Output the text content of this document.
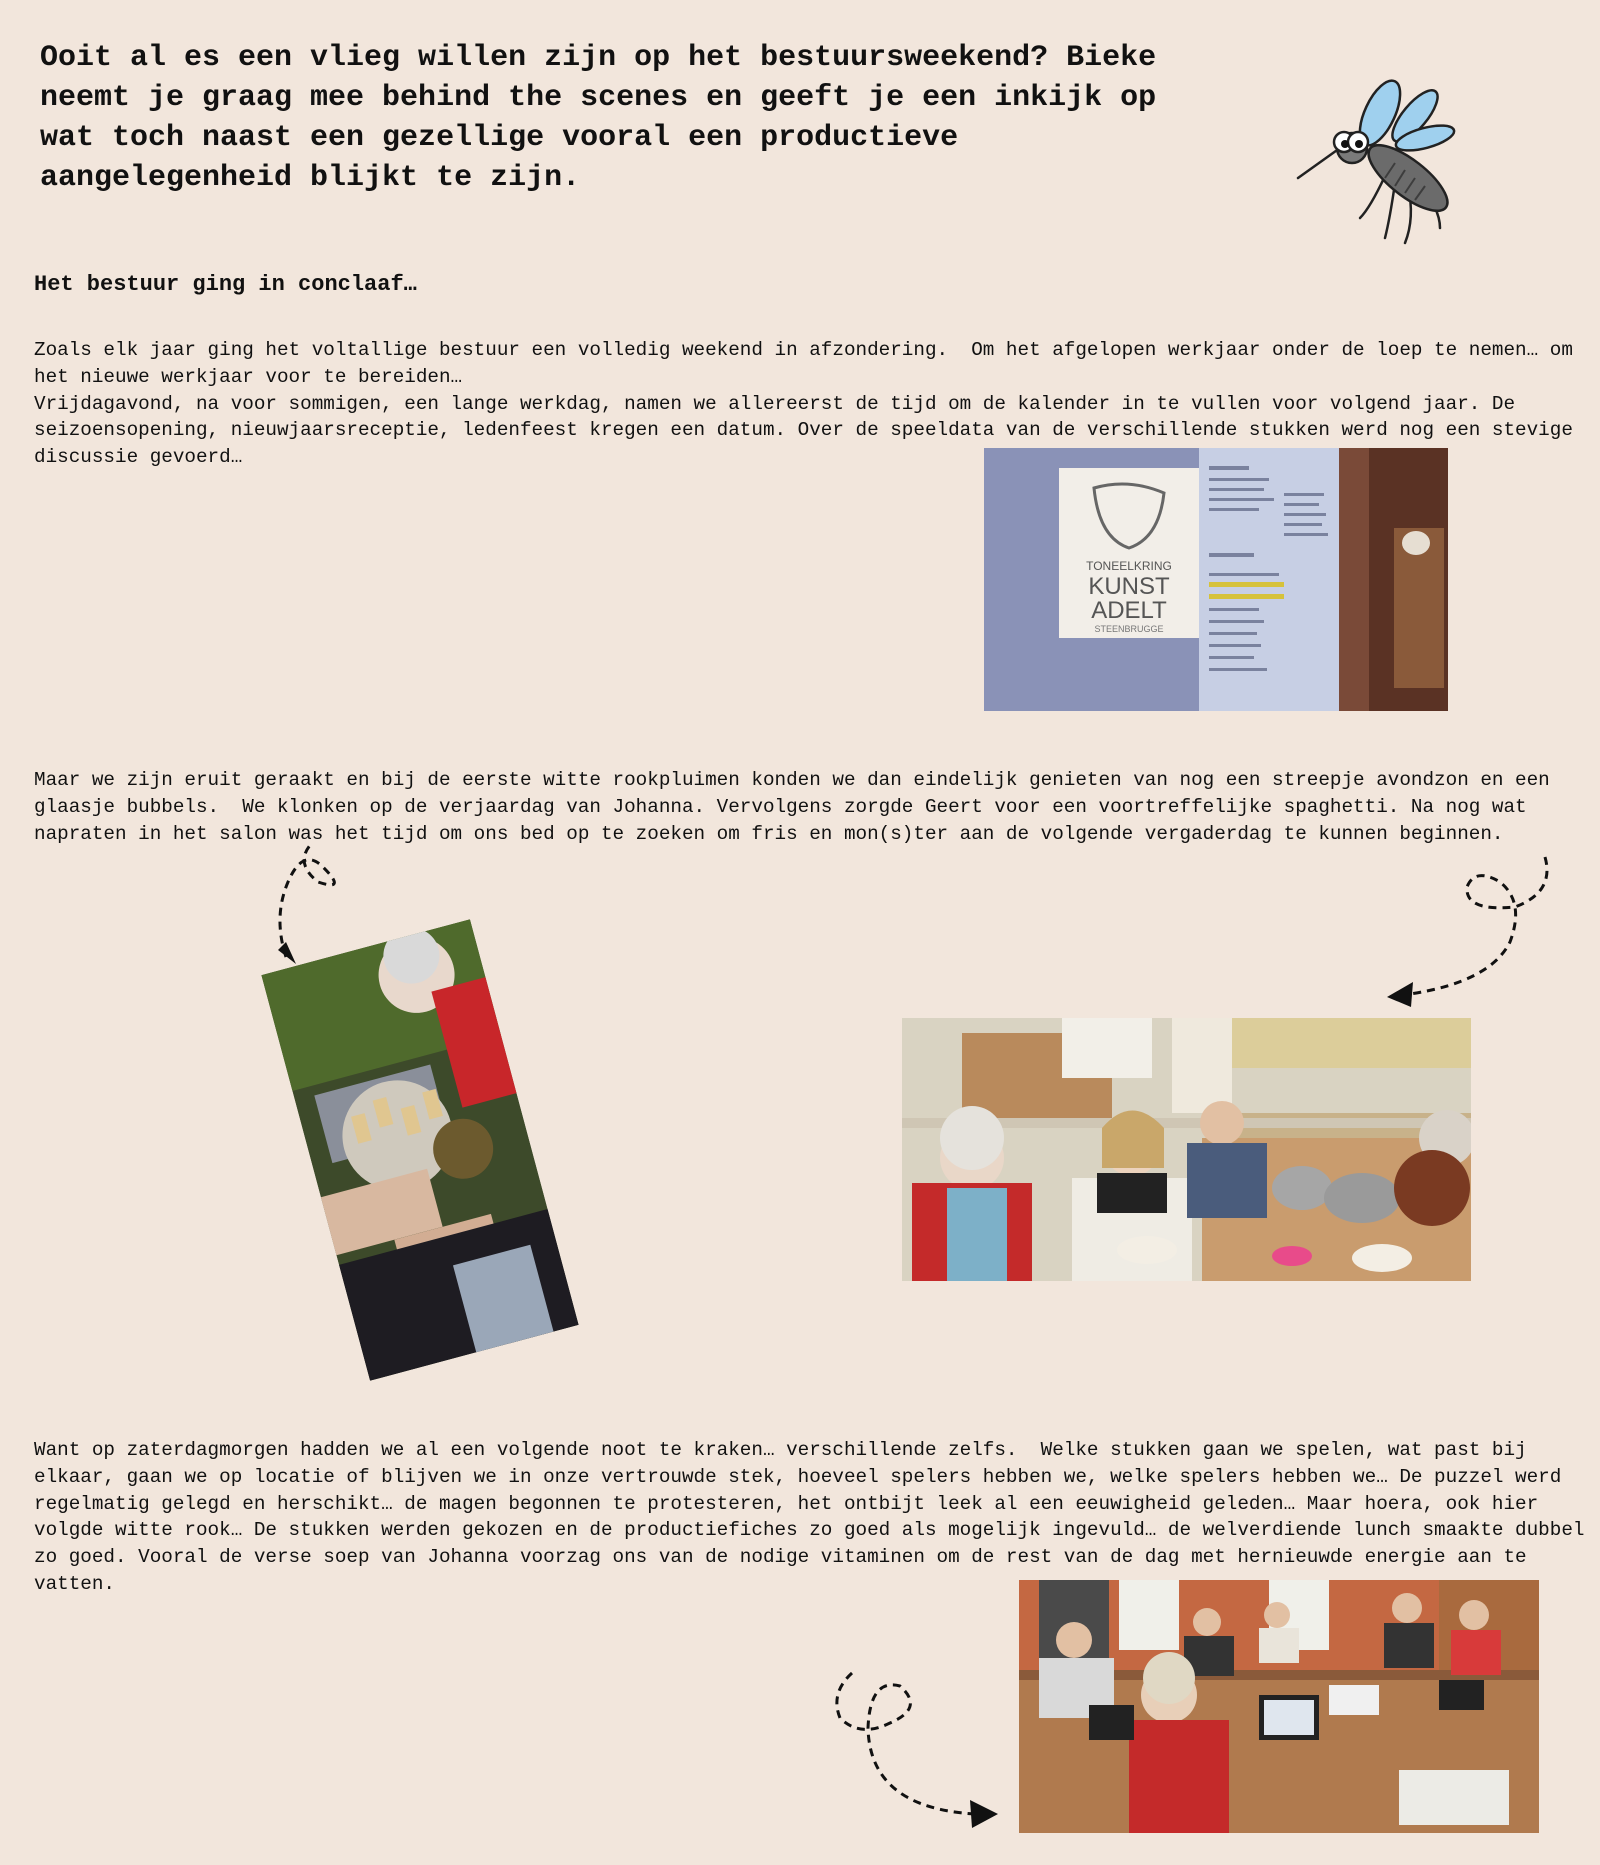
Ooit al es een vlieg willen zijn op het bestuursweekend? Bieke neemt je graag mee behind the scenes en geeft je een inkijk op wat toch naast een gezellige vooral een productieve aangelegenheid blijkt te zijn.

Het bestuur ging in conclaaf…

Zoals elk jaar ging het voltallige bestuur een volledig weekend in afzondering.  Om het afgelopen werkjaar onder de loep te nemen… om het nieuwe werkjaar voor te bereiden…
Vrijdagavond, na voor sommigen, een lange werkdag, namen we allereerst de tijd om de kalender in te vullen voor volgend jaar. De seizoensopening, nieuwjaarsreceptie, ledenfeest kregen een datum. Over de speeldata van de verschillende stukken werd nog een stevige discussie gevoerd…

TONEELKRING
KUNST
ADELT
STEENBRUGGE

Maar we zijn eruit geraakt en bij de eerste witte rookpluimen konden we dan eindelijk genieten van nog een streepje avondzon en een glaasje bubbels.  We klonken op de verjaardag van Johanna. Vervolgens zorgde Geert voor een voortreffelijke spaghetti. Na nog wat napraten in het salon was het tijd om ons bed op te zoeken om fris en mon(s)ter aan de volgende vergaderdag te kunnen beginnen.

Want op zaterdagmorgen hadden we al een volgende noot te kraken… verschillende zelfs.  Welke stukken gaan we spelen, wat past bij elkaar, gaan we op locatie of blijven we in onze vertrouwde stek, hoeveel spelers hebben we, welke spelers hebben we… De puzzel werd regelmatig gelegd en herschikt… de magen begonnen te protesteren, het ontbijt leek al een eeuwigheid geleden… Maar hoera, ook hier volgde witte rook… De stukken werden gekozen en de productiefiches zo goed als mogelijk ingevuld… de welverdiende lunch smaakte dubbel zo goed. Vooral de verse soep van Johanna voorzag ons van de nodige vitaminen om de rest van de dag met hernieuwde energie aan te vatten.
